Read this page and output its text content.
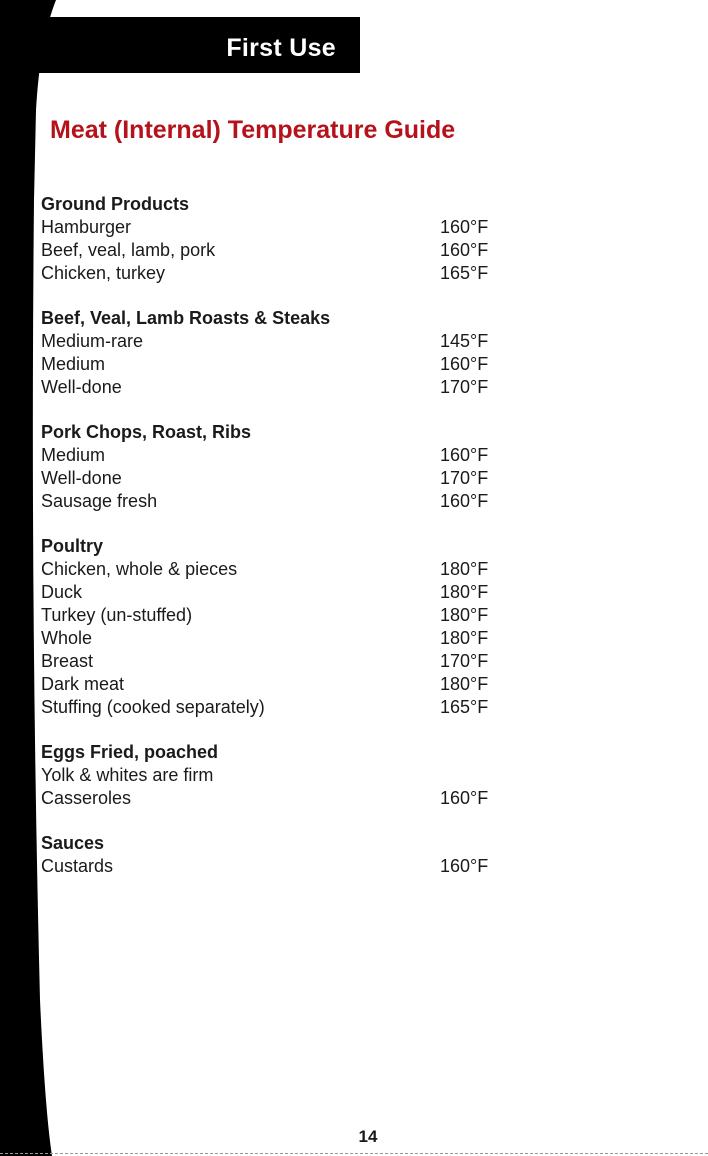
First Use
Meat (Internal) Temperature Guide
Ground Products
Hamburger	160°F
Beef, veal, lamb, pork	160°F
Chicken, turkey	165°F
Beef, Veal, Lamb Roasts & Steaks
Medium-rare	145°F
Medium	160°F
Well-done	170°F
Pork Chops, Roast, Ribs
Medium	160°F
Well-done	170°F
Sausage fresh	160°F
Poultry
Chicken, whole & pieces	180°F
Duck	180°F
Turkey (un-stuffed)	180°F
Whole	180°F
Breast	170°F
Dark meat	180°F
Stuffing (cooked separately)	165°F
Eggs Fried, poached
Yolk & whites are firm
Casseroles	160°F
Sauces
Custards	160°F
14
